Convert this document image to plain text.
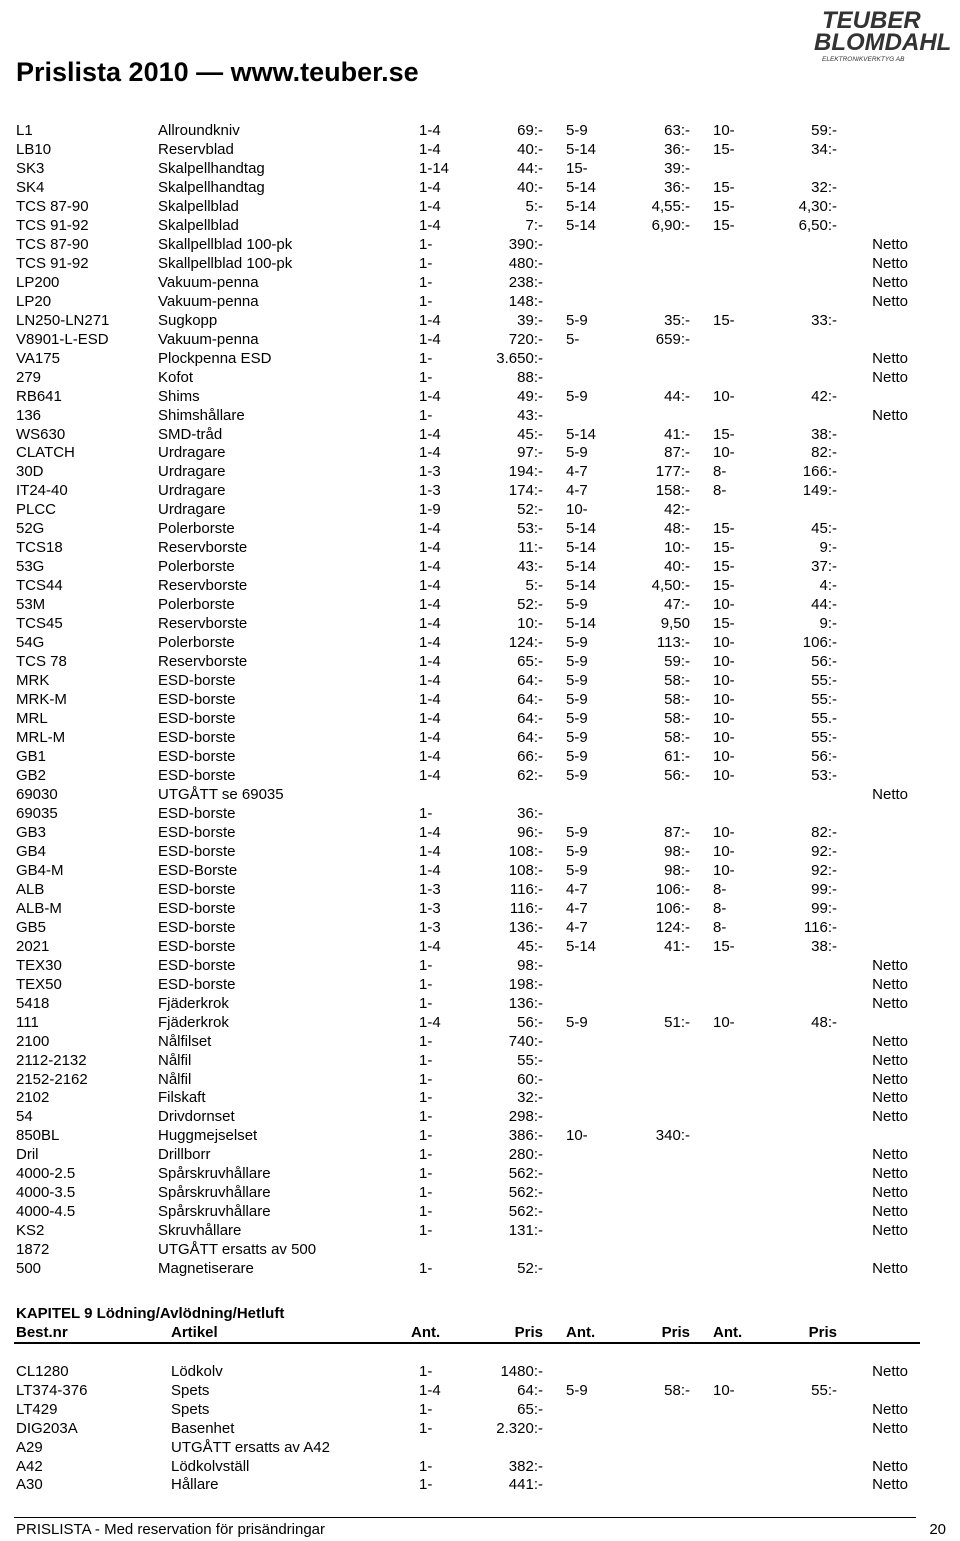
Prislista 2010 — www.teuber.se
TEUBER
BLOMDAHL
ELEKTRONIKVERKTYG AB
L1	Allroundkniv	1-4	69:- 5-9	63:- 10-	59:-
LB10	Reservblad	1-4	40:- 5-14	36:- 15-	34:-
SK3	Skalpellhandtag	1-14	44:- 15-	39:-
SK4	Skalpellhandtag	1-4	40:- 5-14	36:- 15-	32:-
TCS 87-90	Skalpellblad	1-4	5:- 5-14	4,55:- 15-	4,30:-
TCS 91-92	Skalpellblad	1-4	7:- 5-14	6,90:- 15-	6,50:-
TCS 87-90	Skallpellblad 100-pk	1-	390:-	Netto
TCS 91-92	Skallpellblad 100-pk	1-	480:-	Netto
LP200	Vakuum-penna	1-	238:-	Netto
LP20	Vakuum-penna	1-	148:-	Netto
LN250-LN271	Sugkopp	1-4	39:- 5-9	35:- 15-	33:-
V8901-L-ESD	Vakuum-penna	1-4	720:- 5-	659:-
VA175	Plockpenna ESD	1-	3.650:-	Netto
279	Kofot	1-	88:-	Netto
RB641	Shims	1-4	49:- 5-9	44:- 10-	42:-
136	Shimshållare	1-	43:-	Netto
WS630	SMD-tråd	1-4	45:- 5-14	41:- 15-	38:-
CLATCH	Urdragare	1-4	97:- 5-9	87:- 10-	82:-
30D	Urdragare	1-3	194:- 4-7	177:- 8-	166:-
IT24-40	Urdragare	1-3	174:- 4-7	158:- 8-	149:-
PLCC	Urdragare	1-9	52:- 10-	42:-
52G	Polerborste	1-4	53:- 5-14	48:- 15-	45:-
TCS18	Reservborste	1-4	11:- 5-14	10:- 15-	9:-
53G	Polerborste	1-4	43:- 5-14	40:- 15-	37:-
TCS44	Reservborste	1-4	5:- 5-14	4,50:- 15-	4:-
53M	Polerborste	1-4	52:- 5-9	47:- 10-	44:-
TCS45	Reservborste	1-4	10:- 5-14	9,50 15-	9:-
54G	Polerborste	1-4	124:- 5-9	113:- 10-	106:-
TCS 78	Reservborste	1-4	65:- 5-9	59:- 10-	56:-
MRK	ESD-borste	1-4	64:- 5-9	58:- 10-	55:-
MRK-M	ESD-borste	1-4	64:- 5-9	58:- 10-	55:-
MRL	ESD-borste	1-4	64:- 5-9	58:- 10-	55.-
MRL-M	ESD-borste	1-4	64:- 5-9	58:- 10-	55:-
GB1	ESD-borste	1-4	66:- 5-9	61:- 10-	56:-
GB2	ESD-borste	1-4	62:- 5-9	56:- 10-	53:-
69030	UTGÅTT se 69035	Netto
69035	ESD-borste	1-	36:-
GB3	ESD-borste	1-4	96:- 5-9	87:- 10-	82:-
GB4	ESD-borste	1-4	108:- 5-9	98:- 10-	92:-
GB4-M	ESD-Borste	1-4	108:- 5-9	98:- 10-	92:-
ALB	ESD-borste	1-3	116:- 4-7	106:- 8-	99:-
ALB-M	ESD-borste	1-3	116:- 4-7	106:- 8-	99:-
GB5	ESD-borste	1-3	136:- 4-7	124:- 8-	116:-
2021	ESD-borste	1-4	45:- 5-14	41:- 15-	38:-
TEX30	ESD-borste	1-	98:-	Netto
TEX50	ESD-borste	1-	198:-	Netto
5418	Fjäderkrok	1-	136:-	Netto
111	Fjäderkrok	1-4	56:- 5-9	51:- 10-	48:-
2100	Nålfilset	1-	740:-	Netto
2112-2132	Nålfil	1-	55:-	Netto
2152-2162	Nålfil	1-	60:-	Netto
2102	Filskaft	1-	32:-	Netto
54	Drivdornset	1-	298:-	Netto
850BL	Huggmejselset	1-	386:- 10-	340:-
Dril	Drillborr	1-	280:-	Netto
4000-2.5	Spårskruvhållare	1-	562:-	Netto
4000-3.5	Spårskruvhållare	1-	562:-	Netto
4000-4.5	Spårskruvhållare	1-	562:-	Netto
KS2	Skruvhållare	1-	131:-	Netto
1872	UTGÅTT ersatts av 500
500	Magnetiserare	1-	52:-	Netto
KAPITEL 9 Lödning/Avlödning/Hetluft
Best.nr	Artikel	Ant.	Pris Ant.	Pris Ant.	Pris
CL1280	Lödkolv	1-	1480:-	Netto
LT374-376	Spets	1-4	64:- 5-9	58:- 10-	55:-
LT429	Spets	1-	65:-	Netto
DIG203A	Basenhet	1-	2.320:-	Netto
A29	UTGÅTT ersatts av A42
A42	Lödkolvställ	1-	382:-	Netto
A30	Hållare	1-	441:-	Netto
PRISLISTA - Med reservation för prisändringar	20
